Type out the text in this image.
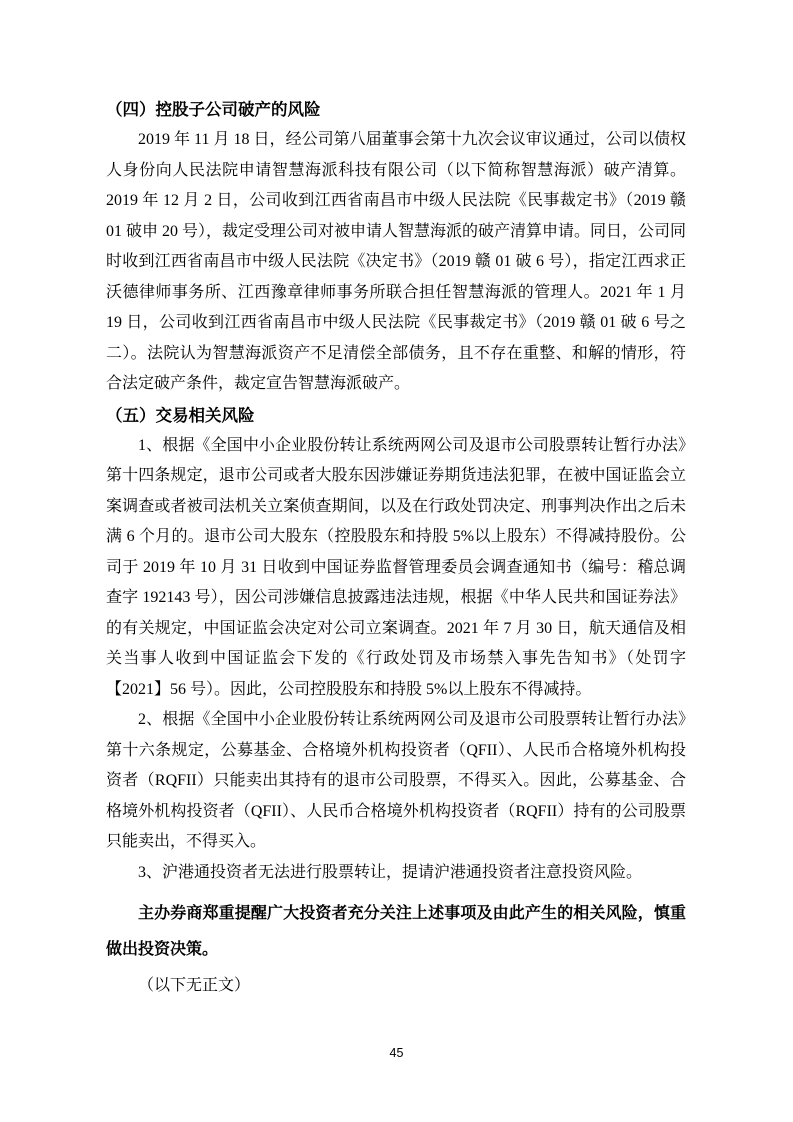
（四）控股子公司破产的风险

2019 年 11 月 18 日，经公司第八届董事会第十九次会议审议通过，公司以债权人身份向人民法院申请智慧海派科技有限公司（以下简称智慧海派）破产清算。2019 年 12 月 2 日，公司收到江西省南昌市中级人民法院《民事裁定书》（2019 赣 01 破申 20 号），裁定受理公司对被申请人智慧海派的破产清算申请。同日，公司同时收到江西省南昌市中级人民法院《决定书》（2019 赣 01 破 6 号），指定江西求正沃德律师事务所、江西豫章律师事务所联合担任智慧海派的管理人。2021 年 1 月 19 日，公司收到江西省南昌市中级人民法院《民事裁定书》（2019 赣 01 破 6 号之二）。法院认为智慧海派资产不足清偿全部债务，且不存在重整、和解的情形，符合法定破产条件，裁定宣告智慧海派破产。

（五）交易相关风险

1、根据《全国中小企业股份转让系统两网公司及退市公司股票转让暂行办法》第十四条规定，退市公司或者大股东因涉嫌证券期货违法犯罪，在被中国证监会立案调查或者被司法机关立案侦查期间，以及在行政处罚决定、刑事判决作出之后未满 6 个月的。退市公司大股东（控股股东和持股 5%以上股东）不得减持股份。公司于 2019 年 10 月 31 日收到中国证券监督管理委员会调查通知书（编号：稽总调查字 192143 号），因公司涉嫌信息披露违法违规，根据《中华人民共和国证券法》的有关规定，中国证监会决定对公司立案调查。2021 年 7 月 30 日，航天通信及相关当事人收到中国证监会下发的《行政处罚及市场禁入事先告知书》（处罚字【2021】56 号）。因此，公司控股股东和持股 5%以上股东不得减持。

2、根据《全国中小企业股份转让系统两网公司及退市公司股票转让暂行办法》第十六条规定，公募基金、合格境外机构投资者（QFII）、人民币合格境外机构投资者（RQFII）只能卖出其持有的退市公司股票，不得买入。因此，公募基金、合格境外机构投资者（QFII）、人民币合格境外机构投资者（RQFII）持有的公司股票只能卖出，不得买入。

3、沪港通投资者无法进行股票转让，提请沪港通投资者注意投资风险。

主办券商郑重提醒广大投资者充分关注上述事项及由此产生的相关风险，慎重做出投资决策。

（以下无正文）

45
